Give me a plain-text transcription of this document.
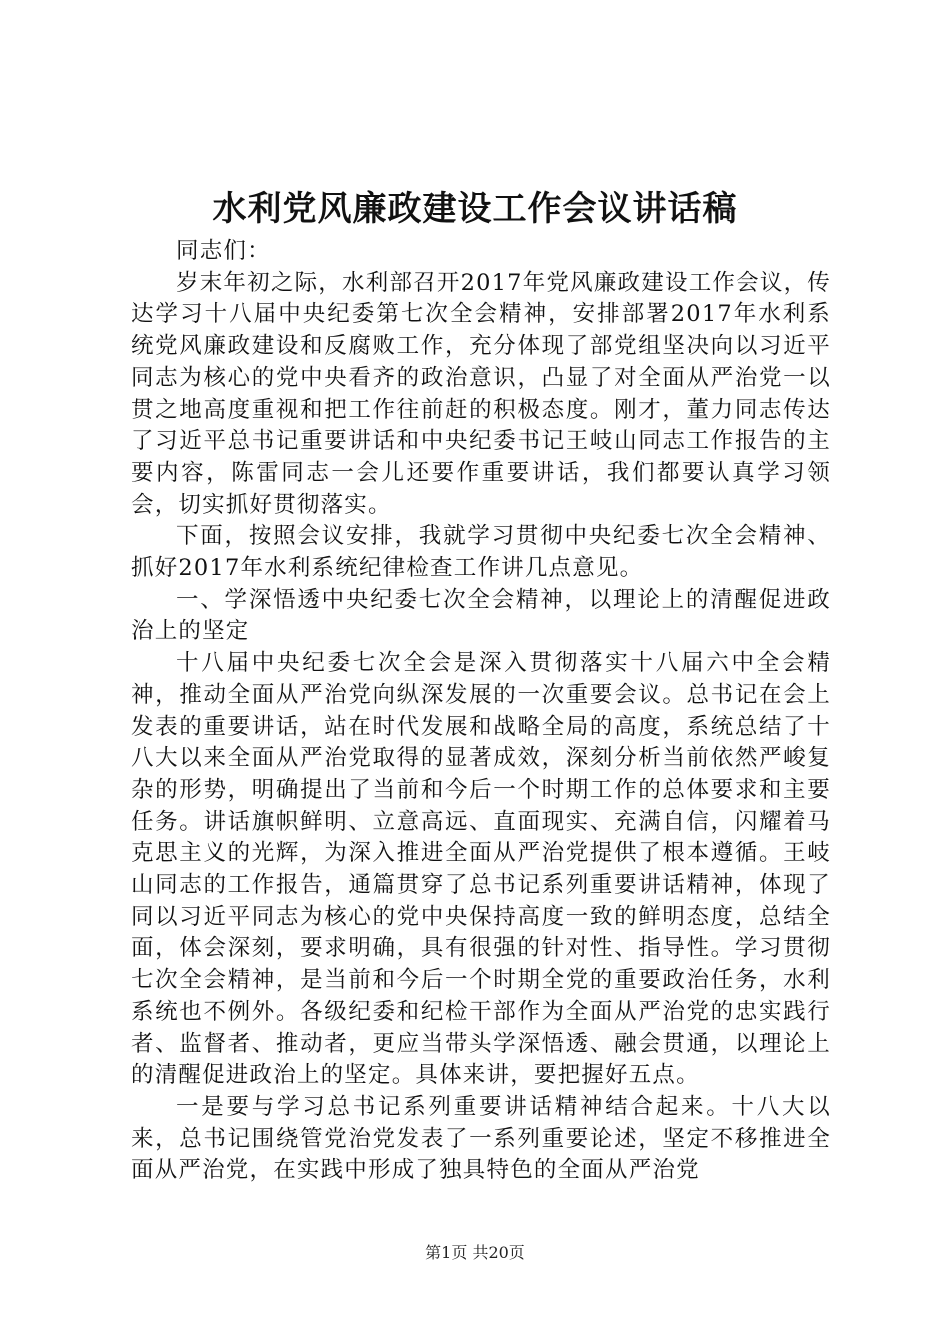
水利党风廉政建设工作会议讲话稿

同志们：

岁末年初之际，水利部召开2017年党风廉政建设工作会议，传达学习十八届中央纪委第七次全会精神，安排部署2017年水利系统党风廉政建设和反腐败工作，充分体现了部党组坚决向以习近平同志为核心的党中央看齐的政治意识，凸显了对全面从严治党一以贯之地高度重视和把工作往前赶的积极态度。刚才，董力同志传达了习近平总书记重要讲话和中央纪委书记王岐山同志工作报告的主要内容，陈雷同志一会儿还要作重要讲话，我们都要认真学习领会，切实抓好贯彻落实。

下面，按照会议安排，我就学习贯彻中央纪委七次全会精神、抓好2017年水利系统纪律检查工作讲几点意见。

一、学深悟透中央纪委七次全会精神，以理论上的清醒促进政治上的坚定

十八届中央纪委七次全会是深入贯彻落实十八届六中全会精神，推动全面从严治党向纵深发展的一次重要会议。总书记在会上发表的重要讲话，站在时代发展和战略全局的高度，系统总结了十八大以来全面从严治党取得的显著成效，深刻分析当前依然严峻复杂的形势，明确提出了当前和今后一个时期工作的总体要求和主要任务。讲话旗帜鲜明、立意高远、直面现实、充满自信，闪耀着马克思主义的光辉，为深入推进全面从严治党提供了根本遵循。王岐山同志的工作报告，通篇贯穿了总书记系列重要讲话精神，体现了同以习近平同志为核心的党中央保持高度一致的鲜明态度，总结全面，体会深刻，要求明确，具有很强的针对性、指导性。学习贯彻七次全会精神，是当前和今后一个时期全党的重要政治任务，水利系统也不例外。各级纪委和纪检干部作为全面从严治党的忠实践行者、监督者、推动者，更应当带头学深悟透、融会贯通，以理论上的清醒促进政治上的坚定。具体来讲，要把握好五点。

一是要与学习总书记系列重要讲话精神结合起来。十八大以来，总书记围绕管党治党发表了一系列重要论述，坚定不移推进全面从严治党，在实践中形成了独具特色的全面从严治党

第1页 共20页
